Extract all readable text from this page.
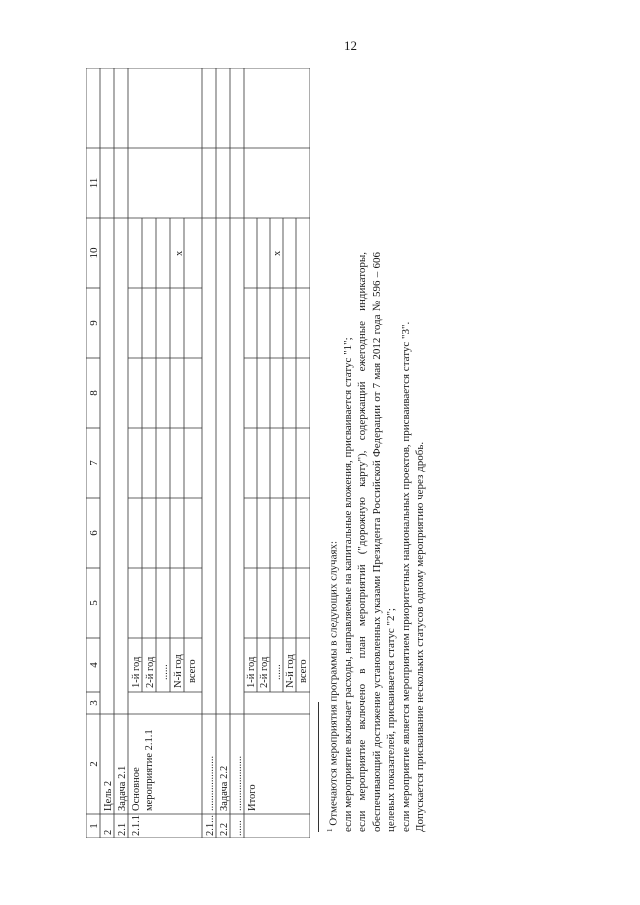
12
1
2
3
4
5
6
7
8
9
10
11
2
Цель 2
2.1
Задача 2.1
2.1.1
Основное мероприятие 2.1.1
1-й год 2-й год ...... N-й год всего
х
2.1...
.....................
2.2
Задача 2.2
......
..................... Итого
1-й год 2-й год ...... N-й год всего
х

$^1$ Отмечаются мероприятия программы в следующих случаях: если мероприятие включает расходы, направляемые на капитальные вложения, присваивается статус "1"; если мероприятие включено в план мероприятий ("дорожную карту"), содержащий ежегодные индикаторы, обеспечивающий достижение установленных указами Президента Российской Федерации от 7 мая 2012 года № 596 – 606 целевых показателей, присваивается статус "2"; если мероприятие является мероприятием приоритетных национальных проектов, присваивается статус "3". Допускается присваивание нескольких статусов одному мероприятию через дробь.
